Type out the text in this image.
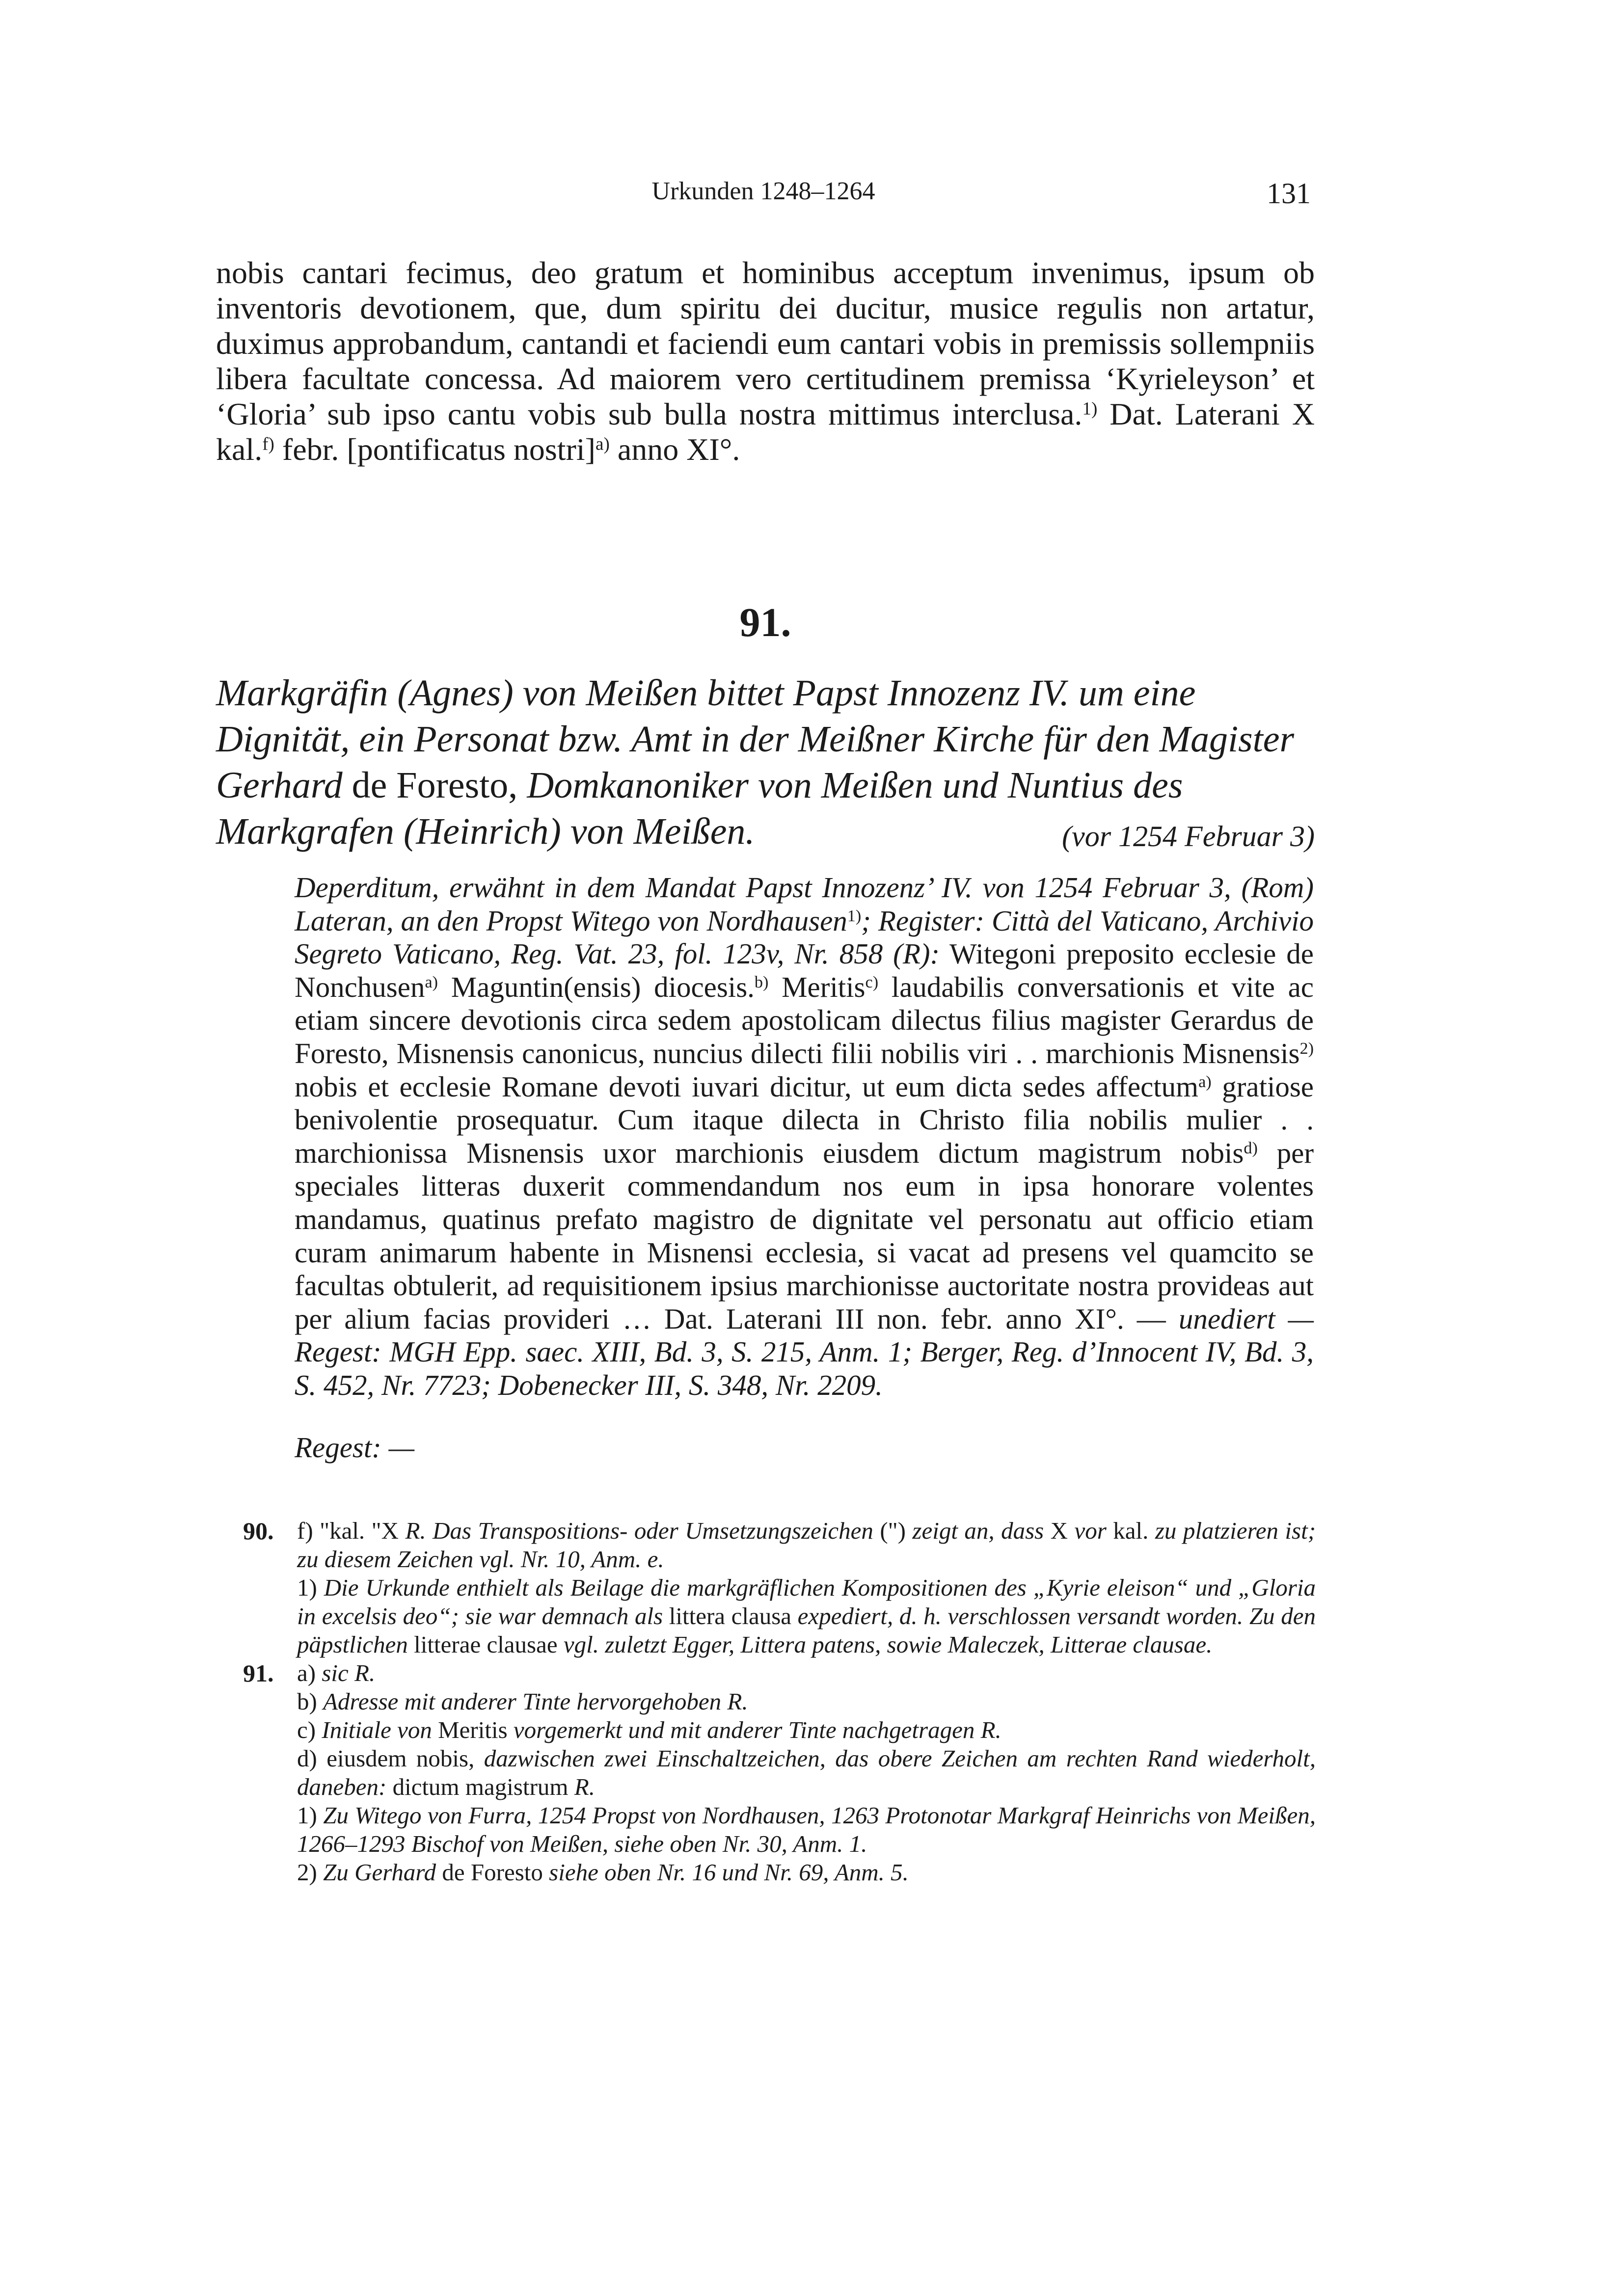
Urkunden 1248–1264	131
nobis cantari fecimus, deo gratum et hominibus acceptum invenimus, ipsum ob inventoris devotionem, que, dum spiritu dei ducitur, musice regulis non artatur, duximus approbandum, cantandi et faciendi eum cantari vobis in premissis sollempniis libera facultate concessa. Ad maiorem vero certitudinem premissa ‘Kyrieleyson’ et ‘Gloria’ sub ipso cantu vobis sub bulla nostra mittimus interclusa.$^{1)}$ Dat. Laterani X kal.$^{f)}$ febr. [pontificatus nostri]$^{a)}$ anno XI°.
91.
Markgräfin (Agnes) von Meißen bittet Papst Innozenz IV. um eine Dignität, ein Personat bzw. Amt in der Meißner Kirche für den Magister Gerhard de Foresto, Domkanoniker von Meißen und Nuntius des Markgrafen (Heinrich) von Meißen.	(vor 1254 Februar 3)
Deperditum, erwähnt in dem Mandat Papst Innozenz’ IV. von 1254 Februar 3, (Rom) Lateran, an den Propst Witego von Nordhausen$^{1)}$; Register: Città del Vaticano, Archivio Segreto Vaticano, Reg. Vat. 23, fol. 123v, Nr. 858 (R): Witegoni preposito ecclesie de Nonchusen$^{a)}$ Maguntin(ensis) diocesis.$^{b)}$ Meritis$^{c)}$ laudabilis conversationis et vite ac etiam sincere devotionis circa sedem apostolicam dilectus filius magister Gerardus de Foresto, Misnensis canonicus, nuncius dilecti filii nobilis viri . . marchionis Misnensis$^{2)}$ nobis et ecclesie Romane devoti iuvari dicitur, ut eum dicta sedes affectum$^{a)}$ gratiose benivolentie prosequatur. Cum itaque dilecta in Christo filia nobilis mulier . . marchionissa Misnensis uxor marchionis eiusdem dictum magistrum nobis$^{d)}$ per speciales litteras duxerit commendandum nos eum in ipsa honorare volentes mandamus, quatinus prefato magistro de dignitate vel personatu aut officio etiam curam animarum habente in Misnensi ecclesia, si vacat ad presens vel quamcito se facultas obtulerit, ad requisitionem ipsius marchionisse auctoritate nostra provideas aut per alium facias provideri … Dat. Laterani III non. febr. anno XI°. — unediert — Regest: MGH Epp. saec. XIII, Bd. 3, S. 215, Anm. 1; Berger, Reg. d’Innocent IV, Bd. 3, S. 452, Nr. 7723; Dobenecker III, S. 348, Nr. 2209.
Regest: —
90. f) "kal. "X R. Das Transpositions- oder Umsetzungszeichen (") zeigt an, dass X vor kal. zu platzieren ist; zu diesem Zeichen vgl. Nr. 10, Anm. e.

1) Die Urkunde enthielt als Beilage die markgräflichen Kompositionen des „Kyrie eleison“ und „Gloria in excelsis deo“; sie war demnach als littera clausa expediert, d. h. verschlossen versandt worden. Zu den päpstlichen litterae clausae vgl. zuletzt Egger, Littera patens, sowie Maleczek, Litterae clausae.

91. a) sic R.

b) Adresse mit anderer Tinte hervorgehoben R.

c) Initiale von Meritis vorgemerkt und mit anderer Tinte nachgetragen R.

d) eiusdem nobis, dazwischen zwei Einschaltzeichen, das obere Zeichen am rechten Rand wiederholt, daneben: dictum magistrum R.

1) Zu Witego von Furra, 1254 Propst von Nordhausen, 1263 Protonotar Markgraf Heinrichs von Meißen, 1266–1293 Bischof von Meißen, siehe oben Nr. 30, Anm. 1.

2) Zu Gerhard de Foresto siehe oben Nr. 16 und Nr. 69, Anm. 5.
